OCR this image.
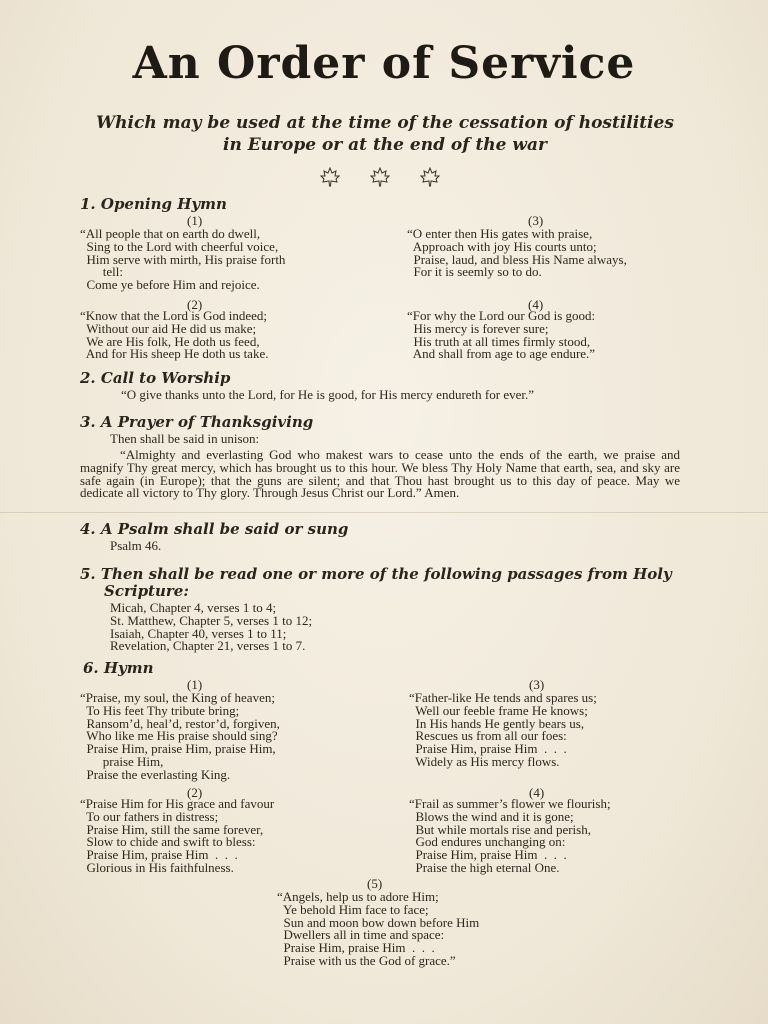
An Order of Service
Which may be used at the time of the cessation of hostilities
in Europe or at the end of the war
1. Opening Hymn
(1)
“All people that on earth do dwell,
Sing to the Lord with cheerful voice,
Him serve with mirth, His praise forth
tell:
Come ye before Him and rejoice.
(2)
“Know that the Lord is God indeed;
Without our aid He did us make;
We are His folk, He doth us feed,
And for His sheep He doth us take.
(3)
“O enter then His gates with praise,
Approach with joy His courts unto;
Praise, laud, and bless His Name always,
For it is seemly so to do.
(4)
“For why the Lord our God is good:
His mercy is forever sure;
His truth at all times firmly stood,
And shall from age to age endure.”
2. Call to Worship
“O give thanks unto the Lord, for He is good, for His mercy endureth for ever.”
3. A Prayer of Thanksgiving
Then shall be said in unison:
“Almighty and everlasting God who makest wars to cease unto the ends of the earth, we praise and magnify Thy great mercy, which has brought us to this hour. We bless Thy Holy Name that earth, sea, and sky are safe again (in Europe); that the guns are silent; and that Thou hast brought us to this day of peace. May we dedicate all victory to Thy glory. Through Jesus Christ our Lord.” Amen.
4. A Psalm shall be said or sung
Psalm 46.
5. Then shall be read one or more of the following passages from Holy
Scripture:
Micah, Chapter 4, verses 1 to 4;
St. Matthew, Chapter 5, verses 1 to 12;
Isaiah, Chapter 40, verses 1 to 11;
Revelation, Chapter 21, verses 1 to 7.
6. Hymn
(1)
“Praise, my soul, the King of heaven;
To His feet Thy tribute bring;
Ransom’d, heal’d, restor’d, forgiven,
Who like me His praise should sing?
Praise Him, praise Him, praise Him,
praise Him,
Praise the everlasting King.
(2)
“Praise Him for His grace and favour
To our fathers in distress;
Praise Him, still the same forever,
Slow to chide and swift to bless:
Praise Him, praise Him  .  .  .
Glorious in His faithfulness.
(3)
“Father-like He tends and spares us;
Well our feeble frame He knows;
In His hands He gently bears us,
Rescues us from all our foes:
Praise Him, praise Him  .  .  .
Widely as His mercy flows.
(4)
“Frail as summer’s flower we flourish;
Blows the wind and it is gone;
But while mortals rise and perish,
God endures unchanging on:
Praise Him, praise Him  .  .  .
Praise the high eternal One.
(5)
“Angels, help us to adore Him;
Ye behold Him face to face;
Sun and moon bow down before Him
Dwellers all in time and space:
Praise Him, praise Him  .  .  .
Praise with us the God of grace.”
